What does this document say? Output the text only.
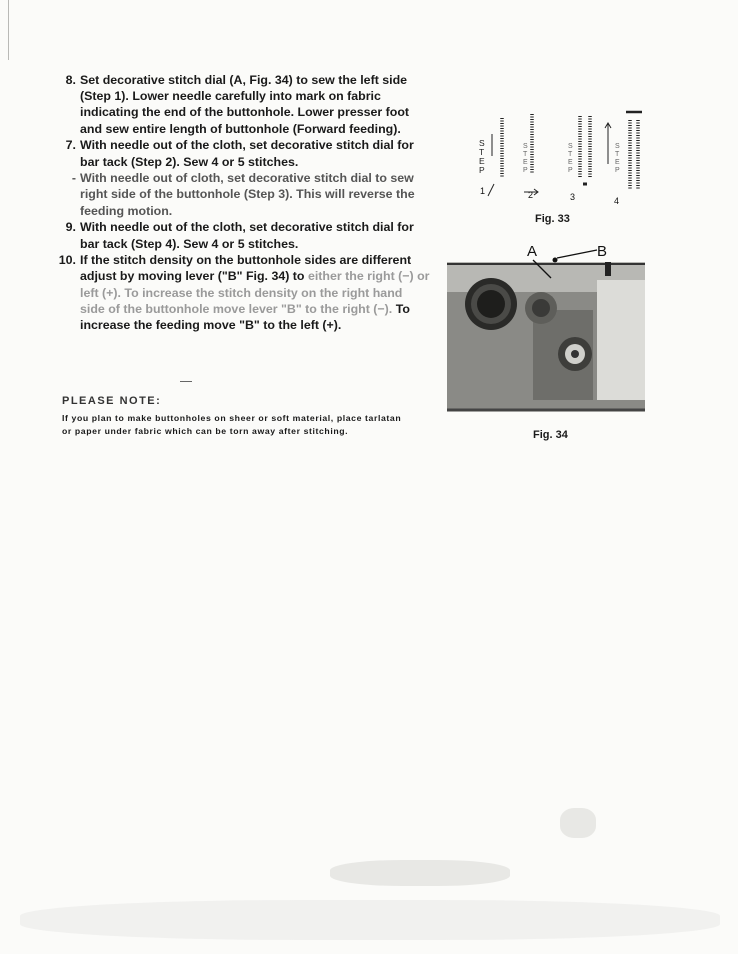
8. Set decorative stitch dial (A, Fig. 34) to sew the left side (Step 1). Lower needle carefully into mark on fabric indicating the end of the buttonhole. Lower presser foot and sew entire length of buttonhole (Forward feeding).
7. With needle out of the cloth, set decorative stitch dial for bar tack (Step 2). Sew 4 or 5 stitches.
- With needle out of cloth, set decorative stitch dial to sew right side of the buttonhole (Step 3). This will reverse the feeding motion.
9. With needle out of the cloth, set decorative stitch dial for bar tack (Step 4). Sew 4 or 5 stitches.
10. If the stitch density on the buttonhole sides are different adjust by moving lever ("B" Fig. 34) to either the right (−) or left (+). To increase the stitch density on the right hand side of the buttonhole move lever "B" to the right (−). To increase the feeding move "B" to the left (+).
PLEASE NOTE:
If you plan to make buttonholes on sheer or soft material, place tarlatan or paper under fabric which can be torn away after stitching.
S
T
E
P
S
T
E
P
S
T
E
P
S
T
E
P
1	2	3	4
Fig. 33
A	B
Fig. 34
